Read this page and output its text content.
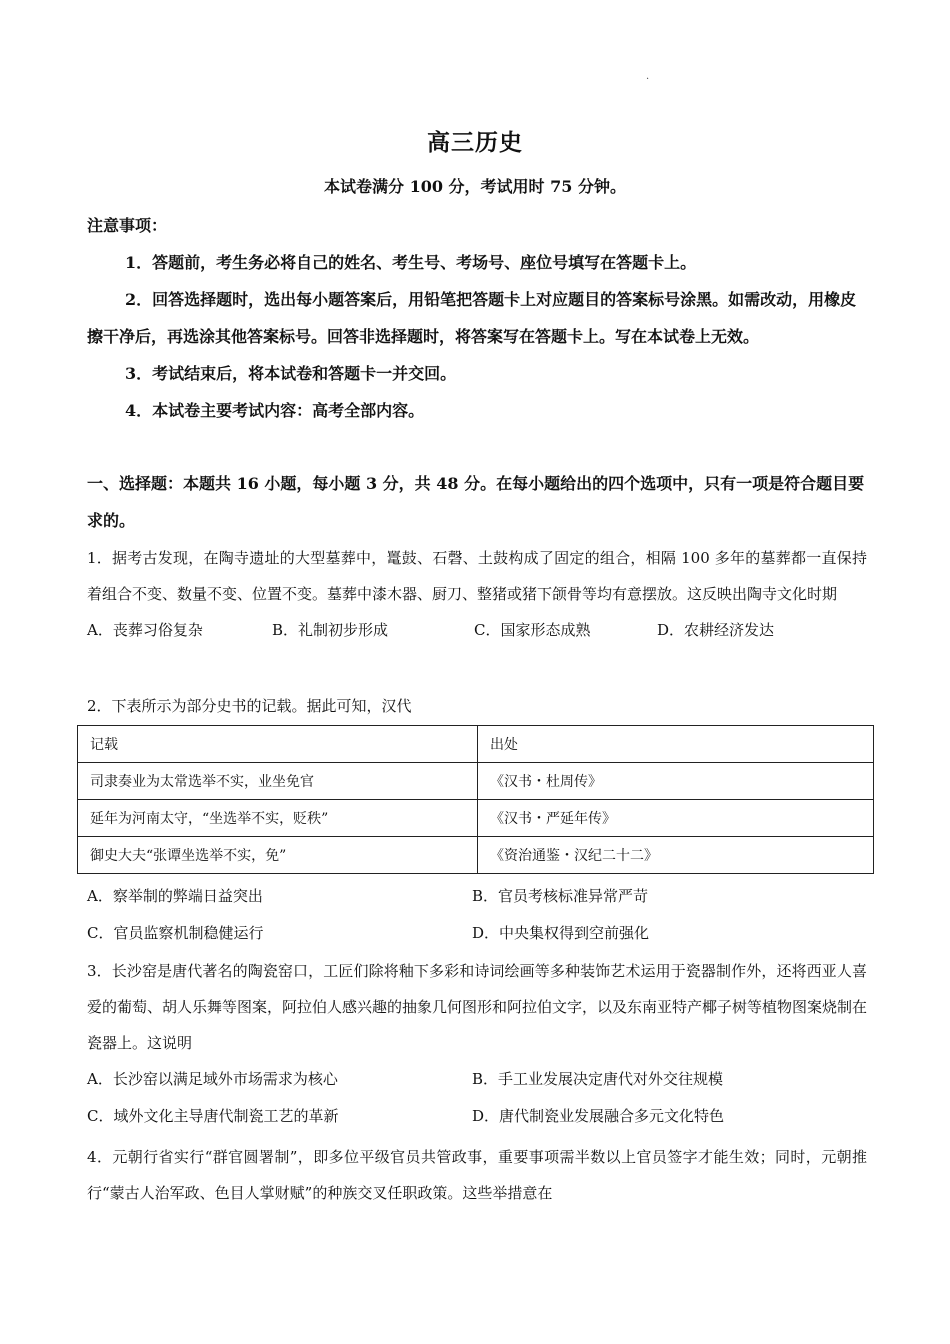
·
高三历史
本试卷满分 100 分，考试用时 75 分钟。

注意事项：

1．答题前，考生务必将自己的姓名、考生号、考场号、座位号填写在答题卡上。

2．回答选择题时，选出每小题答案后，用铅笔把答题卡上对应题目的答案标号涂黑。如需改动，用橡皮擦干净后，再选涂其他答案标号。回答非选择题时，将答案写在答题卡上。写在本试卷上无效。

3．考试结束后，将本试卷和答题卡一并交回。

4．本试卷主要考试内容：高考全部内容。

一、选择题：本题共 16 小题，每小题 3 分，共 48 分。在每小题给出的四个选项中，只有一项是符合题目要求的。

1．据考古发现，在陶寺遗址的大型墓葬中，鼍鼓、石磬、土鼓构成了固定的组合，相隔 100 多年的墓葬都一直保持着组合不变、数量不变、位置不变。墓葬中漆木器、厨刀、整猪或猪下颌骨等均有意摆放。这反映出陶寺文化时期

A．丧葬习俗复杂	B．礼制初步形成	C．国家形态成熟	D．农耕经济发达

2．下表所示为部分史书的记载。据此可知，汉代

记载	出处
司隶奏业为太常选举不实，业坐免官	《汉书・杜周传》
延年为河南太守，“坐选举不实，贬秩”	《汉书・严延年传》
御史大夫“张谭坐选举不实，免”	《资治通鉴・汉纪二十二》
A．察举制的弊端日益突出	B．官员考核标准异常严苛
C．官员监察机制稳健运行	D．中央集权得到空前强化

3．长沙窑是唐代著名的陶瓷窑口，工匠们除将釉下多彩和诗词绘画等多种装饰艺术运用于瓷器制作外，还将西亚人喜爱的葡萄、胡人乐舞等图案，阿拉伯人感兴趣的抽象几何图形和阿拉伯文字，以及东南亚特产椰子树等植物图案烧制在瓷器上。这说明

A．长沙窑以满足域外市场需求为核心	B．手工业发展决定唐代对外交往规模
C．域外文化主导唐代制瓷工艺的革新	D．唐代制瓷业发展融合多元文化特色

4．元朝行省实行“群官圆署制”，即多位平级官员共管政事，重要事项需半数以上官员签字才能生效；同时，元朝推行“蒙古人治军政、色目人掌财赋”的种族交叉任职政策。这些举措意在
